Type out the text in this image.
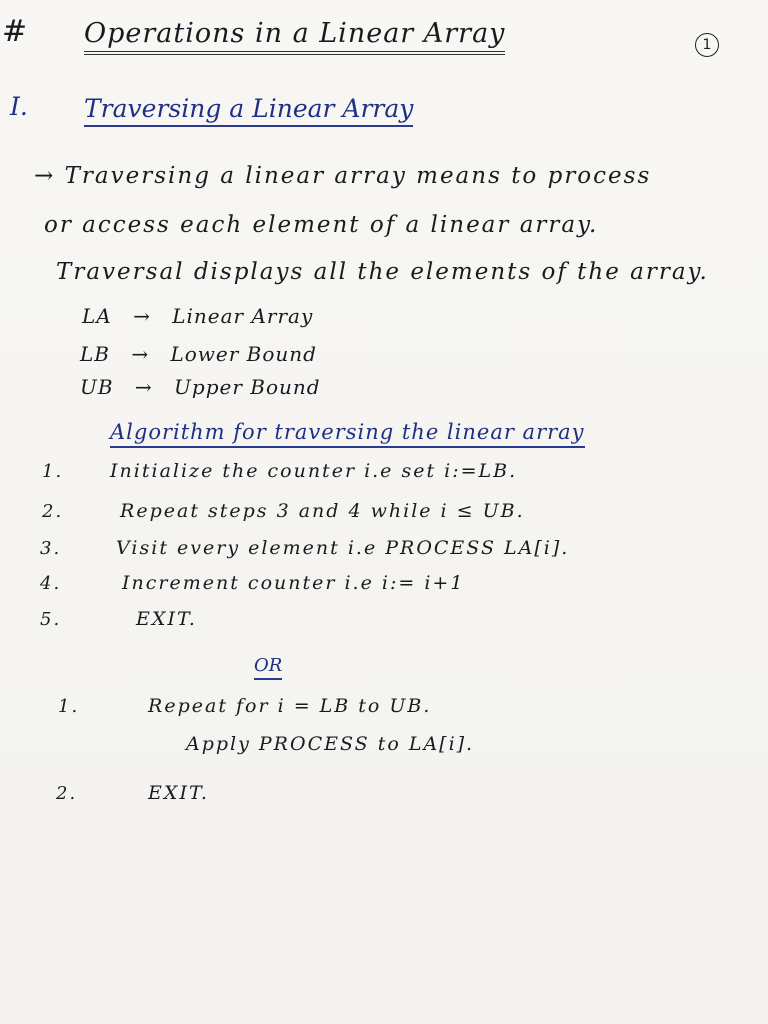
# Operations in a Linear Array	1
I. Traversing a Linear Array
→ Traversing a linear array means to process
or access each element of a linear array.
Traversal displays all the elements of the array.
LA → Linear Array
LB → Lower Bound
UB → Upper Bound
Algorithm for traversing the linear array
1. Initialize the counter i.e set i:=LB.
2.	Repeat steps 3 and 4 while i ≤ UB.
3.	Visit every element i.e PROCESS LA[i].
4.	Increment counter i.e i:= i+1
5.	EXIT.
OR
1.	Repeat for i = LB to UB.
Apply PROCESS to LA[i].
2.	EXIT.
